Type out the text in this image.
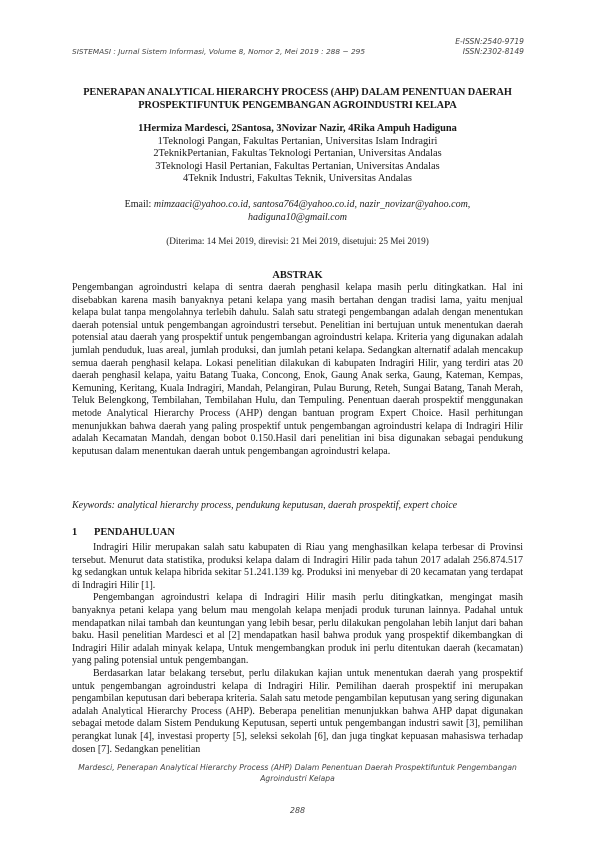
E-ISSN:2540-9719
ISSN:2302-8149
SISTEMASI : Jurnal Sistem Informasi, Volume 8, Nomor 2, Mei 2019 : 288 − 295
PENERAPAN ANALYTICAL HIERARCHY PROCESS (AHP) DALAM PENENTUAN DAERAH
PROSPEKTIFUNTUK PENGEMBANGAN AGROINDUSTRI KELAPA
1Hermiza Mardesci, 2Santosa, 3Novizar Nazir, 4Rika Ampuh Hadiguna
1Teknologi Pangan, Fakultas Pertanian, Universitas Islam Indragiri
2TeknikPertanian, Fakultas Teknologi Pertanian, Universitas Andalas
3Teknologi Hasil Pertanian, Fakultas Pertanian, Universitas Andalas
4Teknik Industri, Fakultas Teknik, Universitas Andalas
Email: mimzaaci@yahoo.co.id, santosa764@yahoo.co.id, nazir_novizar@yahoo.com,
hadiguna10@gmail.com
(Diterima: 14 Mei 2019, direvisi: 21 Mei 2019, disetujui: 25 Mei 2019)
ABSTRAK

Pengembangan agroindustri kelapa di sentra daerah penghasil kelapa masih perlu ditingkatkan. Hal ini disebabkan karena masih banyaknya petani kelapa yang masih bertahan dengan tradisi lama, yaitu menjual kelapa bulat tanpa mengolahnya terlebih dahulu. Salah satu strategi pengembangan adalah dengan menentukan daerah potensial untuk pengembangan agroindustri tersebut. Penelitian ini bertujuan untuk menentukan daerah potensial atau daerah yang prospektif untuk pengembangan agroindustri kelapa. Kriteria yang digunakan adalah jumlah penduduk, luas areal, jumlah produksi, dan jumlah petani kelapa. Sedangkan alternatif adalah mencakup semua daerah penghasil kelapa. Lokasi penelitian dilakukan di kabupaten Indragiri Hilir, yang terdiri atas 20 daerah penghasil kelapa, yaitu Batang Tuaka, Concong, Enok, Gaung Anak serka, Gaung, Kateman, Kempas, Kemuning, Keritang, Kuala Indragiri, Mandah, Pelangiran, Pulau Burung, Reteh, Sungai Batang, Tanah Merah, Teluk Belengkong, Tembilahan, Tembilahan Hulu, dan Tempuling. Penentuan daerah prospektif menggunakan metode Analytical Hierarchy Process (AHP) dengan bantuan program Expert Choice. Hasil perhitungan menunjukkan bahwa daerah yang paling prospektif untuk pengembangan agroindustri kelapa di Indragiri Hilir adalah Kecamatan Mandah, dengan bobot 0.150.Hasil dari penelitian ini bisa digunakan sebagai pendukung keputusan dalam menentukan daerah untuk pengembangan agroindustri kelapa.

Keywords: analytical hierarchy process, pendukung keputusan, daerah prospektif, expert choice
1 PENDAHULUAN

Indragiri Hilir merupakan salah satu kabupaten di Riau yang menghasilkan kelapa terbesar di Provinsi tersebut. Menurut data statistika, produksi kelapa dalam di Indragiri Hilir pada tahun 2017 adalah 256.874.517 kg sedangkan untuk kelapa hibrida sekitar 51.241.139 kg. Produksi ini menyebar di 20 kecamatan yang terdapat di Indragiri Hilir [1].

Pengembangan agroindustri kelapa di Indragiri Hilir masih perlu ditingkatkan, mengingat masih banyaknya petani kelapa yang belum mau mengolah kelapa menjadi produk turunan lainnya. Padahal untuk mendapatkan nilai tambah dan keuntungan yang lebih besar, perlu dilakukan pengolahan lebih lanjut dari bahan baku. Hasil penelitian Mardesci et al [2] mendapatkan hasil bahwa produk yang prospektif dikembangkan di Indragiri Hilir adalah minyak kelapa, Untuk mengembangkan produk ini perlu ditentukan daerah (kecamatan) yang paling potensial untuk pengembangan.

Berdasarkan latar belakang tersebut, perlu dilakukan kajian untuk menentukan daerah yang prospektif untuk pengembangan agroindustri kelapa di Indragiri Hilir. Pemilihan daerah prospektif ini merupakan pengambilan keputusan dari beberapa kriteria. Salah satu metode pengambilan keputusan yang sering digunakan adalah Analytical Hierarchy Process (AHP). Beberapa penelitian menunjukkan bahwa AHP dapat digunakan sebagai metode dalam Sistem Pendukung Keputusan, seperti untuk pengembangan industri sawit [3], pemilihan perangkat lunak [4], investasi property [5], seleksi sekolah [6], dan juga tingkat kepuasan mahasiswa terhadap dosen [7]. Sedangkan penelitian

Mardesci, Penerapan Analytical Hierarchy Process (AHP) Dalam Penentuan Daerah Prospektifuntuk Pengembangan
Agroindustri Kelapa
288
